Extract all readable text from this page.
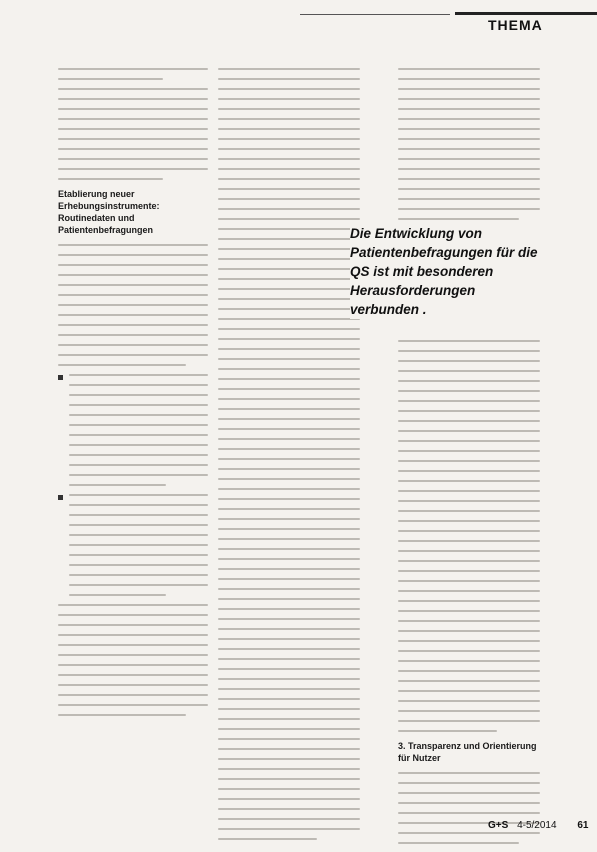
THEMA
Etablierung neuer Erhebungsinstrumente: Routinedaten und Patientenbefragungen
3. Transparenz und Orientierung für Nutzer
Die Entwicklung von Patientenbefragungen für die QS ist mit besonderen Herausforderungen verbunden .
G+S 4-5/2014 61
